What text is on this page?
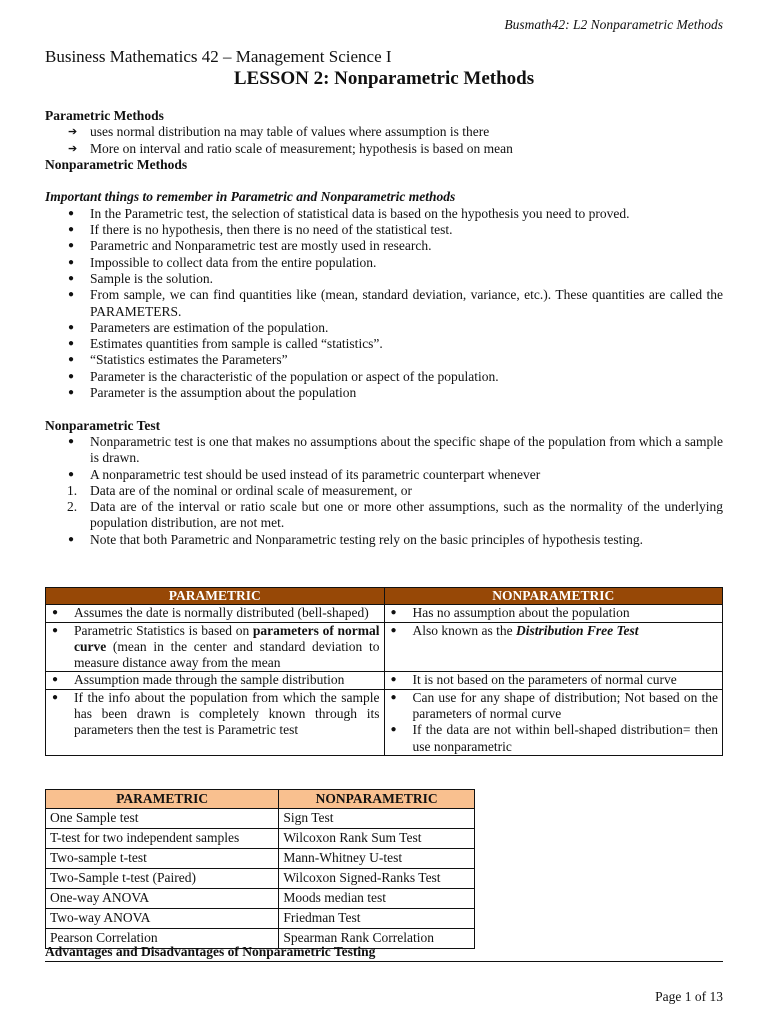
Busmath42: L2 Nonparametric Methods
Business Mathematics 42 – Management Science I
LESSON 2: Nonparametric Methods
Parametric Methods
➔ uses normal distribution na may table of values where assumption is there
➔ More on interval and ratio scale of measurement; hypothesis is based on mean
Nonparametric Methods
Important things to remember in Parametric and Nonparametric methods
● In the Parametric test, the selection of statistical data is based on the hypothesis you need to proved.
● If there is no hypothesis, then there is no need of the statistical test.
● Parametric and Nonparametric test are mostly used in research.
● Impossible to collect data from the entire population.
● Sample is the solution.
● From sample, we can find quantities like (mean, standard deviation, variance, etc.). These quantities are called the PARAMETERS.
● Parameters are estimation of the population.
● Estimates quantities from sample is called “statistics”.
● “Statistics estimates the Parameters”
● Parameter is the characteristic of the population or aspect of the population.
● Parameter is the assumption about the population
Nonparametric Test
● Nonparametric test is one that makes no assumptions about the specific shape of the population from which a sample is drawn.
● A nonparametric test should be used instead of its parametric counterpart whenever
1. Data are of the nominal or ordinal scale of measurement, or
2. Data are of the interval or ratio scale but one or more other assumptions, such as the normality of the underlying population distribution, are not met.
● Note that both Parametric and Nonparametric testing rely on the basic principles of hypothesis testing.
PARAMETRIC	NONPARAMETRIC

● Assumes the date is normally distributed (bell-shaped)	● Has no assumption about the population

● Parametric Statistics is based on parameters of normal curve (mean in the center and standard deviation to measure distance away from the mean	● Also known as the Distribution Free Test

● Assumption made through the sample distribution	● It is not based on the parameters of normal curve

● If the info about the population from which the sample has been drawn is completely known through its parameters then the test is Parametric test	● Can use for any shape of distribution; Not based on the parameters of normal curve
● If the data are not within bell-shaped distribution= then use nonparametric
PARAMETRIC	NONPARAMETRIC
One Sample test	Sign Test
T-test for two independent samples	Wilcoxon Rank Sum Test
Two-sample t-test	Mann-Whitney U-test
Two-Sample t-test (Paired)	Wilcoxon Signed-Ranks Test
One-way ANOVA	Moods median test
Two-way ANOVA	Friedman Test
Pearson Correlation	Spearman Rank Correlation
Advantages and Disadvantages of Nonparametric Testing
Page 1 of 13
